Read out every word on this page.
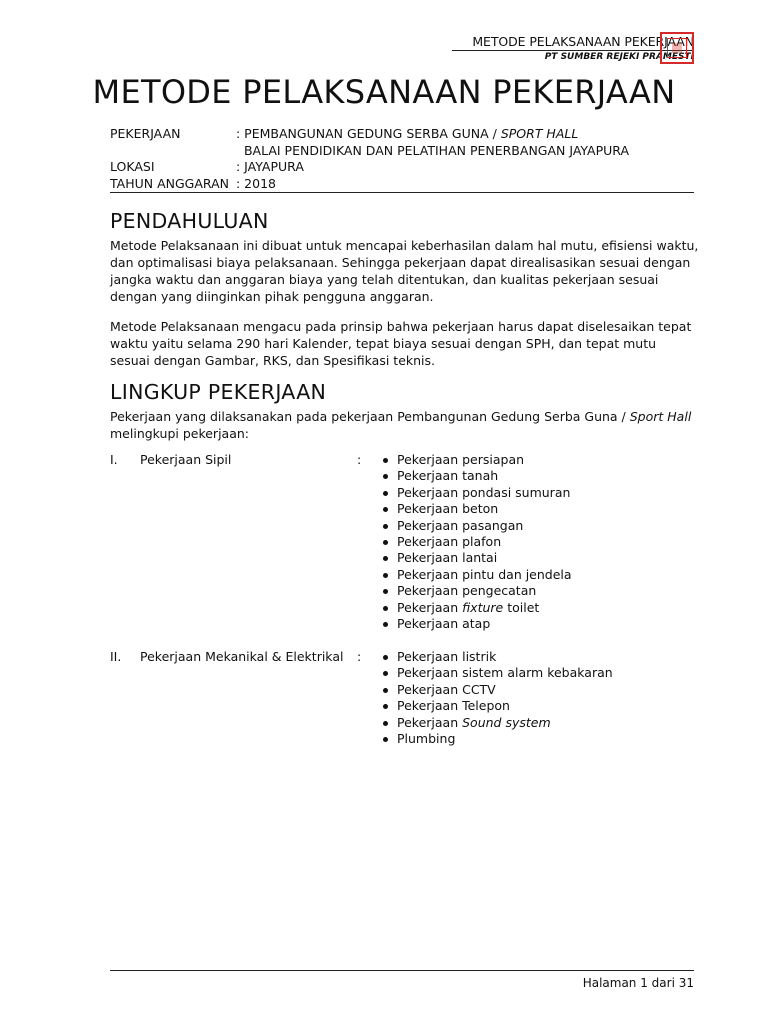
METODE PELAKSANAAN PEKERJAAN
PT SUMBER REJEKI PRAMESTI
METODE PELAKSANAAN PEKERJAAN
PEKERJAAN	: PEMBANGUNAN GEDUNG SERBA GUNA / SPORT HALL
BALAI PENDIDIKAN DAN PELATIHAN PENERBANGAN JAYAPURA
LOKASI	: JAYAPURA
TAHUN ANGGARAN : 2018
PENDAHULUAN
Metode Pelaksanaan ini dibuat untuk mencapai keberhasilan dalam hal mutu, efisiensi waktu,
dan optimalisasi biaya pelaksanaan. Sehingga pekerjaan dapat direalisasikan sesuai dengan
jangka waktu dan anggaran biaya yang telah ditentukan, dan kualitas pekerjaan sesuai
dengan yang diinginkan pihak pengguna anggaran.
Metode Pelaksanaan mengacu pada prinsip bahwa pekerjaan harus dapat diselesaikan tepat
waktu yaitu selama 290 hari Kalender, tepat biaya sesuai dengan SPH, dan tepat mutu
sesuai dengan Gambar, RKS, dan Spesifikasi teknis.
LINGKUP PEKERJAAN
Pekerjaan yang dilaksanakan pada pekerjaan Pembangunan Gedung Serba Guna / Sport Hall
melingkupi pekerjaan:
I. Pekerjaan Sipil	:	Pekerjaan persiapan
Pekerjaan tanah
Pekerjaan pondasi sumuran
Pekerjaan beton
Pekerjaan pasangan
Pekerjaan plafon
Pekerjaan lantai
Pekerjaan pintu dan jendela
Pekerjaan pengecatan
Pekerjaan fixture toilet
Pekerjaan atap
II. Pekerjaan Mekanikal & Elektrikal :	Pekerjaan listrik
Pekerjaan sistem alarm kebakaran
Pekerjaan CCTV
Pekerjaan Telepon
Pekerjaan Sound system
Plumbing
Halaman 1 dari 31
